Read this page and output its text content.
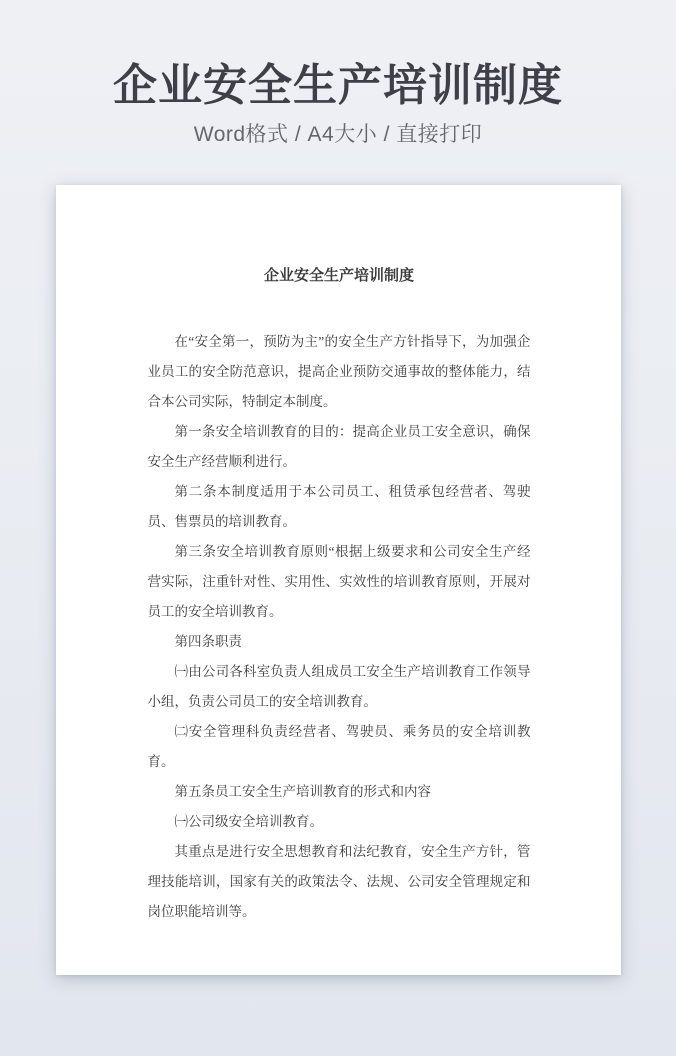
企业安全生产培训制度
Word格式 / A4大小 / 直接打印
企业安全生产培训制度

在“安全第一，预防为主”的安全生产方针指导下，为加强企业员工的安全防范意识，提高企业预防交通事故的整体能力，结合本公司实际，特制定本制度。

第一条安全培训教育的目的：提高企业员工安全意识，确保安全生产经营顺利进行。

第二条本制度适用于本公司员工、租赁承包经营者、驾驶员、售票员的培训教育。

第三条安全培训教育原则“根据上级要求和公司安全生产经营实际，注重针对性、实用性、实效性的培训教育原则，开展对员工的安全培训教育。

第四条职责

㈠由公司各科室负责人组成员工安全生产培训教育工作领导小组，负责公司员工的安全培训教育。

㈡安全管理科负责经营者、驾驶员、乘务员的安全培训教育。

第五条员工安全生产培训教育的形式和内容

㈠公司级安全培训教育。

其重点是进行安全思想教育和法纪教育，安全生产方针，管理技能培训，国家有关的政策法令、法规、公司安全管理规定和岗位职能培训等。
